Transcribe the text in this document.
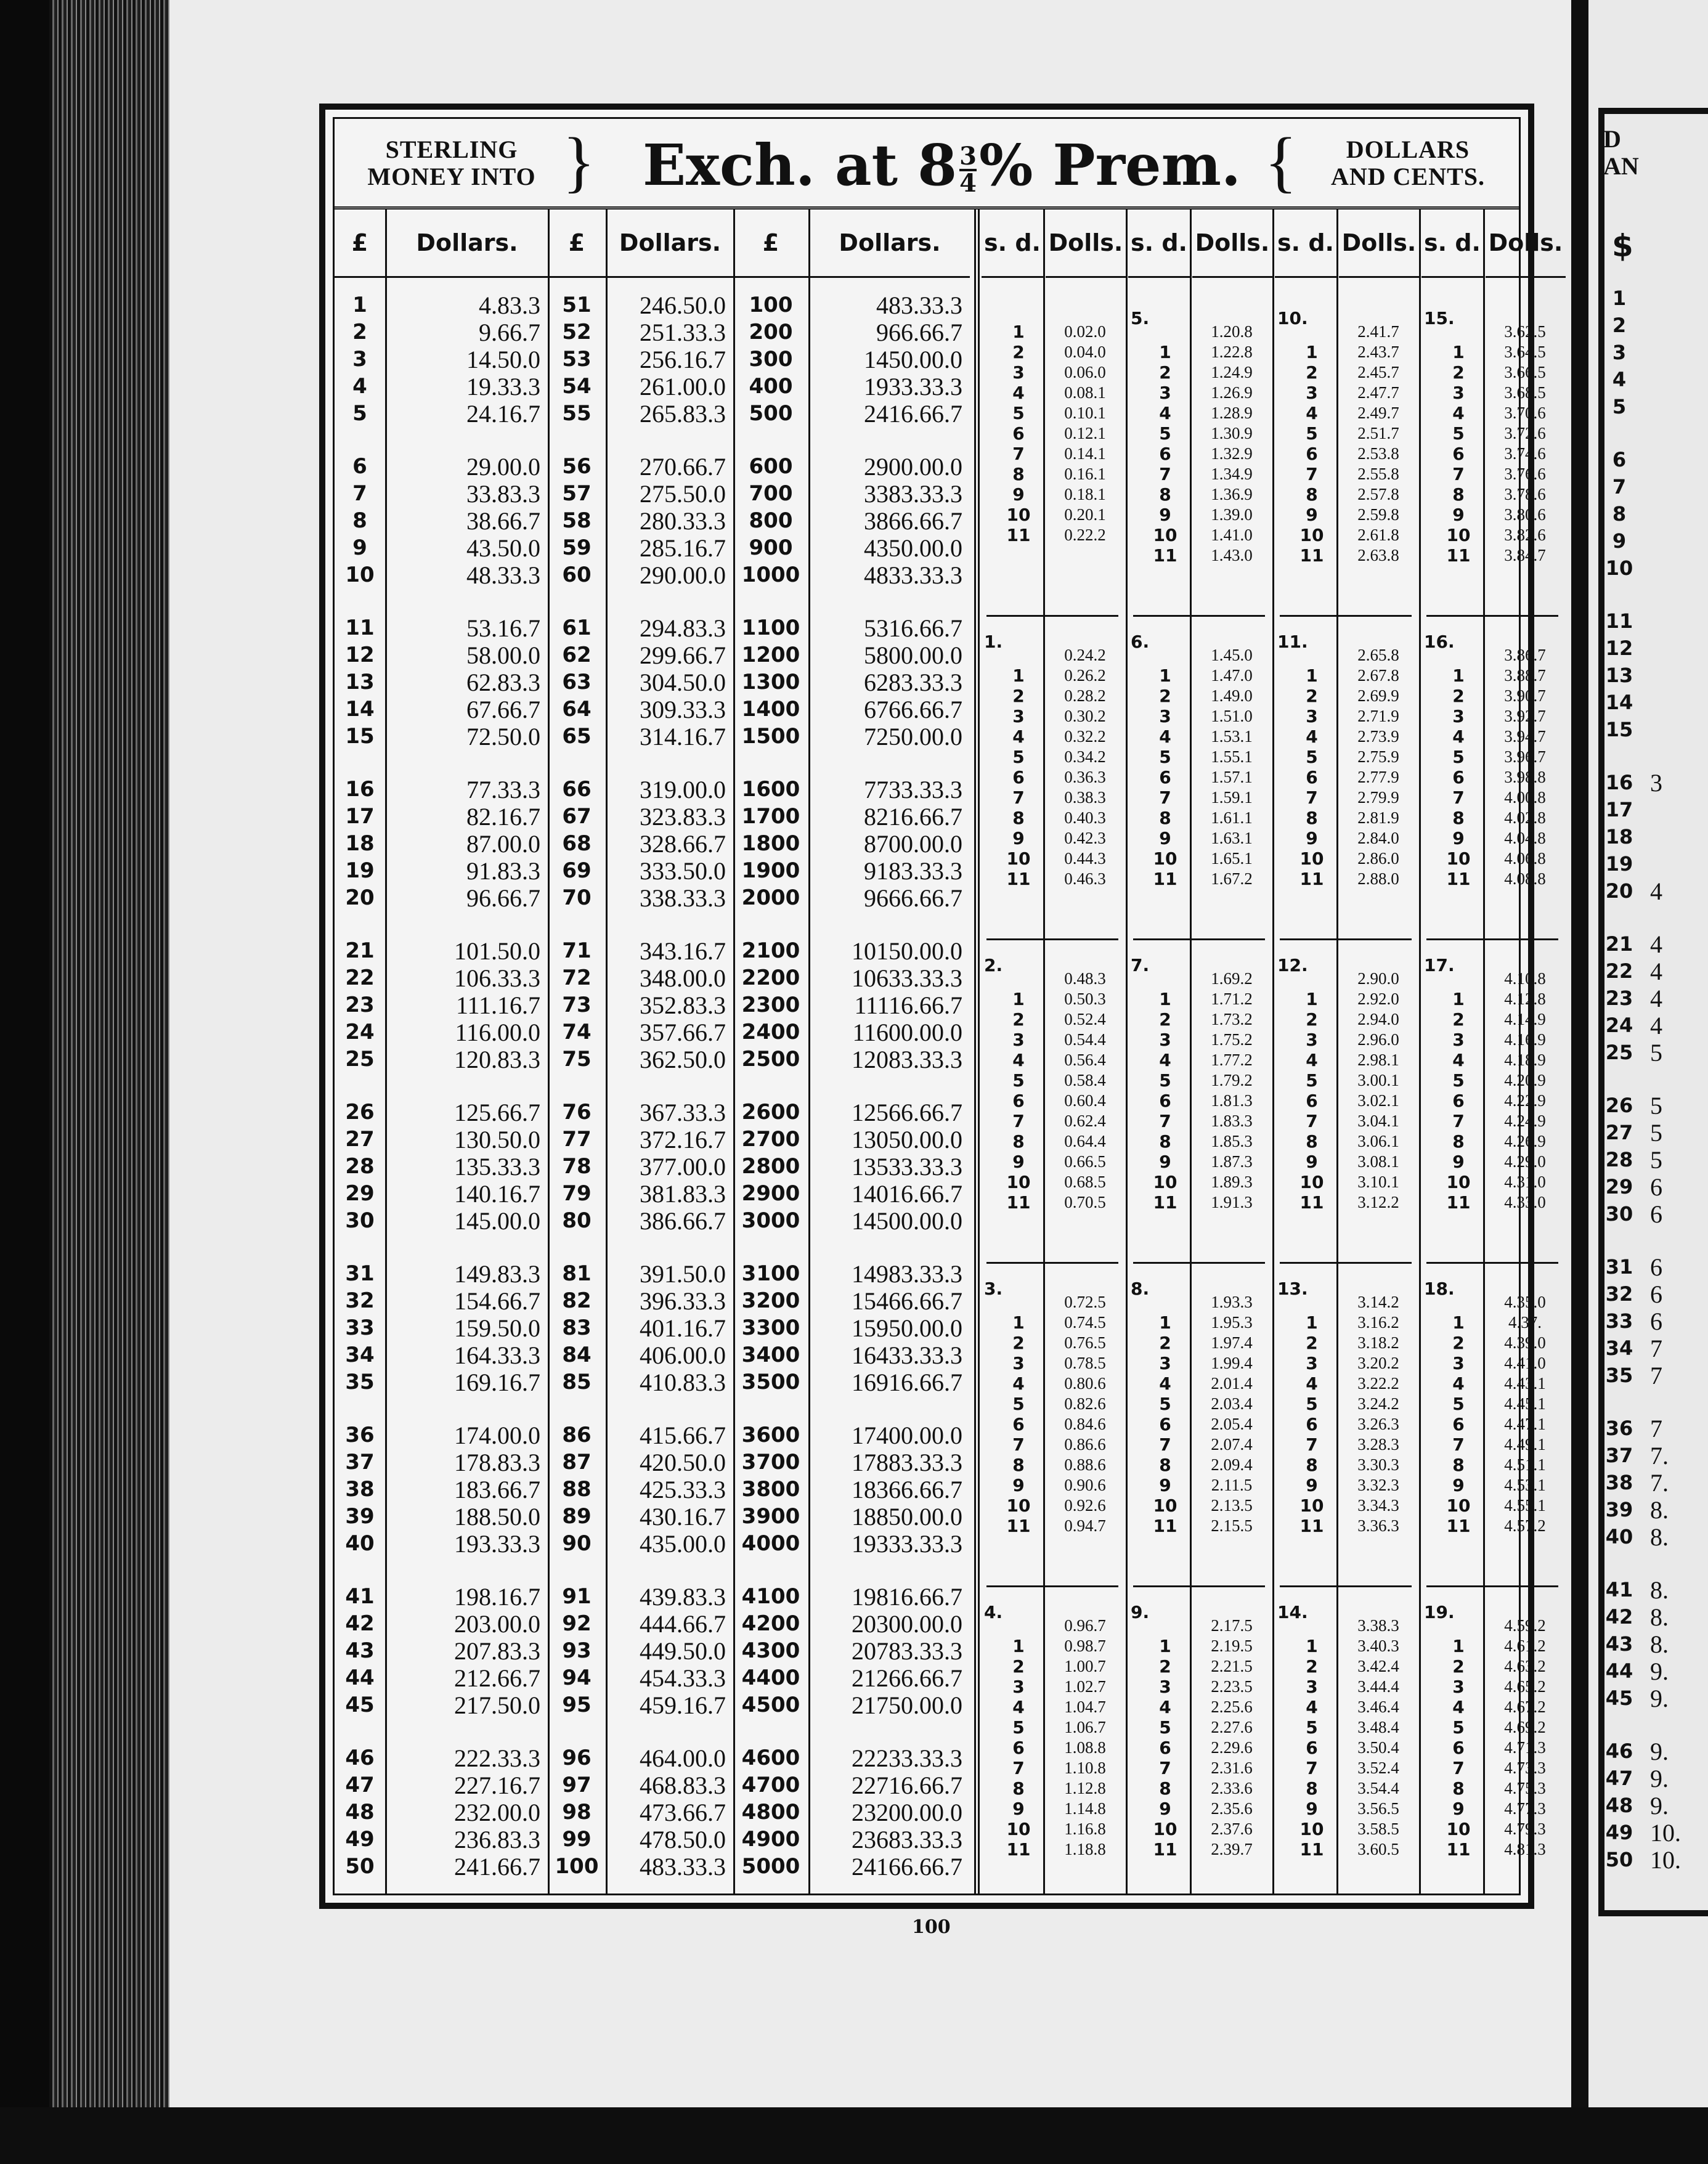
D
AN
$
1
2
3
4
5
6
7
8
9
10
11
12
13
14
15
16 3
17
18
19
20 4
21 4
22 4
23 4
24 4
25 5
26 5
27 5
28 5
29 6
30 6
31 6
32 6
33 6
34 7
35 7
36 7
37 7.
38 7.
39 8.
40 8.
41 8.
42 8.
43 8.
44 9.
45 9.
46 9.
47 9.
48 9.
49 10.
50 10.
STERLING
MONEY INTO } Exch. at $8 \frac{3}{4}$ % Prem. {	DOLLARS
AND CENTS.
£	Dollars.	£	Dollars.	£	Dollars.
1	4.83.3
2	9.66.7
3	14.50.0
4	19.33.3
5	24.16.7
6	29.00.0
7	33.83.3
8	38.66.7
9	43.50.0
10	48.33.3
11	53.16.7
12	58.00.0
13	62.83.3
14	67.66.7
15	72.50.0
16	77.33.3
17	82.16.7
18	87.00.0
19	91.83.3
20	96.66.7
21	101.50.0
22	106.33.3
23	111.16.7
24	116.00.0
25	120.83.3
26	125.66.7
27	130.50.0
28	135.33.3
29	140.16.7
30	145.00.0
31	149.83.3
32	154.66.7
33	159.50.0
34	164.33.3
35	169.16.7
36	174.00.0
37	178.83.3
38	183.66.7
39	188.50.0
40	193.33.3
41	198.16.7
42	203.00.0
43	207.83.3
44	212.66.7
45	217.50.0
46	222.33.3
47	227.16.7
48	232.00.0
49	236.83.3
50	241.66.7
51	246.50.0
52	251.33.3
53	256.16.7
54	261.00.0
55	265.83.3
56	270.66.7
57	275.50.0
58	280.33.3
59	285.16.7
60	290.00.0
61	294.83.3
62	299.66.7
63	304.50.0
64	309.33.3
65	314.16.7
66	319.00.0
67	323.83.3
68	328.66.7
69	333.50.0
70	338.33.3
71	343.16.7
72	348.00.0
73	352.83.3
74	357.66.7
75	362.50.0
76	367.33.3
77	372.16.7
78	377.00.0
79	381.83.3
80	386.66.7
81	391.50.0
82	396.33.3
83	401.16.7
84	406.00.0
85	410.83.3
86	415.66.7
87	420.50.0
88	425.33.3
89	430.16.7
90	435.00.0
91	439.83.3
92	444.66.7
93	449.50.0
94	454.33.3
95	459.16.7
96	464.00.0
97	468.83.3
98	473.66.7
99	478.50.0
100	483.33.3
100	483.33.3
200	966.66.7
300	1450.00.0
400	1933.33.3
500	2416.66.7
600	2900.00.0
700	3383.33.3
800	3866.66.7
900	4350.00.0
1000	4833.33.3
1100	5316.66.7
1200	5800.00.0
1300	6283.33.3
1400	6766.66.7
1500	7250.00.0
1600	7733.33.3
1700	8216.66.7
1800	8700.00.0
1900	9183.33.3
2000	9666.66.7
2100	10150.00.0
2200	10633.33.3
2300	11116.66.7
2400	11600.00.0
2500	12083.33.3
2600	12566.66.7
2700	13050.00.0
2800	13533.33.3
2900	14016.66.7
3000	14500.00.0
3100	14983.33.3
3200	15466.66.7
3300	15950.00.0
3400	16433.33.3
3500	16916.66.7
3600	17400.00.0
3700	17883.33.3
3800	18366.66.7
3900	18850.00.0
4000	19333.33.3
4100	19816.66.7
4200	20300.00.0
4300	20783.33.3
4400	21266.66.7
4500	21750.00.0
4600	22233.33.3
4700	22716.66.7
4800	23200.00.0
4900	23683.33.3
5000	24166.66.7
s. d. Dolls.
1	0.02.0
2	0.04.0
3	0.06.0
4	0.08.1
5	0.10.1
6	0.12.1
7	0.14.1
8	0.16.1
9	0.18.1
10	0.20.1
11	0.22.2
1.
0.24.2
1	0.26.2
2	0.28.2
3	0.30.2
4	0.32.2
5	0.34.2
6	0.36.3
7	0.38.3
8	0.40.3
9	0.42.3
10	0.44.3
11	0.46.3
2.
0.48.3
1	0.50.3
2	0.52.4
3	0.54.4
4	0.56.4
5	0.58.4
6	0.60.4
7	0.62.4
8	0.64.4
9	0.66.5
10	0.68.5
11	0.70.5
3.
0.72.5
1	0.74.5
2	0.76.5
3	0.78.5
4	0.80.6
5	0.82.6
6	0.84.6
7	0.86.6
8	0.88.6
9	0.90.6
10	0.92.6
11	0.94.7
4.
0.96.7
1	0.98.7
2	1.00.7
3	1.02.7
4	1.04.7
5	1.06.7
6	1.08.8
7	1.10.8
8	1.12.8
9	1.14.8
10	1.16.8
11	1.18.8
s. d. Dolls.
5.
1.20.8
1	1.22.8
2	1.24.9
3	1.26.9
4	1.28.9
5	1.30.9
6	1.32.9
7	1.34.9
8	1.36.9
9	1.39.0
10	1.41.0
11	1.43.0
6.
1.45.0
1	1.47.0
2	1.49.0
3	1.51.0
4	1.53.1
5	1.55.1
6	1.57.1
7	1.59.1
8	1.61.1
9	1.63.1
10	1.65.1
11	1.67.2
7.
1.69.2
1	1.71.2
2	1.73.2
3	1.75.2
4	1.77.2
5	1.79.2
6	1.81.3
7	1.83.3
8	1.85.3
9	1.87.3
10	1.89.3
11	1.91.3
8.
1.93.3
1	1.95.3
2	1.97.4
3	1.99.4
4	2.01.4
5	2.03.4
6	2.05.4
7	2.07.4
8	2.09.4
9	2.11.5
10	2.13.5
11	2.15.5
9.
2.17.5
1	2.19.5
2	2.21.5
3	2.23.5
4	2.25.6
5	2.27.6
6	2.29.6
7	2.31.6
8	2.33.6
9	2.35.6
10	2.37.6
11	2.39.7
s. d. Dolls.
10.
2.41.7
1	2.43.7
2	2.45.7
3	2.47.7
4	2.49.7
5	2.51.7
6	2.53.8
7	2.55.8
8	2.57.8
9	2.59.8
10	2.61.8
11	2.63.8
11.
2.65.8
1	2.67.8
2	2.69.9
3	2.71.9
4	2.73.9
5	2.75.9
6	2.77.9
7	2.79.9
8	2.81.9
9	2.84.0
10	2.86.0
11	2.88.0
12.
2.90.0
1	2.92.0
2	2.94.0
3	2.96.0
4	2.98.1
5	3.00.1
6	3.02.1
7	3.04.1
8	3.06.1
9	3.08.1
10	3.10.1
11	3.12.2
13.
3.14.2
1	3.16.2
2	3.18.2
3	3.20.2
4	3.22.2
5	3.24.2
6	3.26.3
7	3.28.3
8	3.30.3
9	3.32.3
10	3.34.3
11	3.36.3
14.
3.38.3
1	3.40.3
2	3.42.4
3	3.44.4
4	3.46.4
5	3.48.4
6	3.50.4
7	3.52.4
8	3.54.4
9	3.56.5
10	3.58.5
11	3.60.5
s. d. Dolls.
15.
3.62.5
1	3.64.5
2	3.66.5
3	3.68.5
4	3.70.6
5	3.72.6
6	3.74.6
7	3.76.6
8	3.78.6
9	3.80.6
10	3.82.6
11	3.84.7
16.
3.86.7
1	3.88.7
2	3.90.7
3	3.92.7
4	3.94.7
5	3.96.7
6	3.98.8
7	4.00.8
8	4.02.8
9	4.04.8
10	4.06.8
11	4.08.8
17.
4.10.8
1	4.12.8
2	4.14.9
3	4.16.9
4	4.18.9
5	4.20.9
6	4.22.9
7	4.24.9
8	4.26.9
9	4.29.0
10	4.31.0
11	4.33.0
18.
4.35.0
1	4.37.
2	4.39.0
3	4.41.0
4	4.43.1
5	4.45.1
6	4.47.1
7	4.49.1
8	4.51.1
9	4.53.1
10	4.55.1
11	4.57.2
19.
4.59.2
1	4.61.2
2	4.63.2
3	4.65.2
4	4.67.2
5	4.69.2
6	4.71.3
7	4.73.3
8	4.75.3
9	4.77.3
10	4.79.3
11	4.81.3
100
